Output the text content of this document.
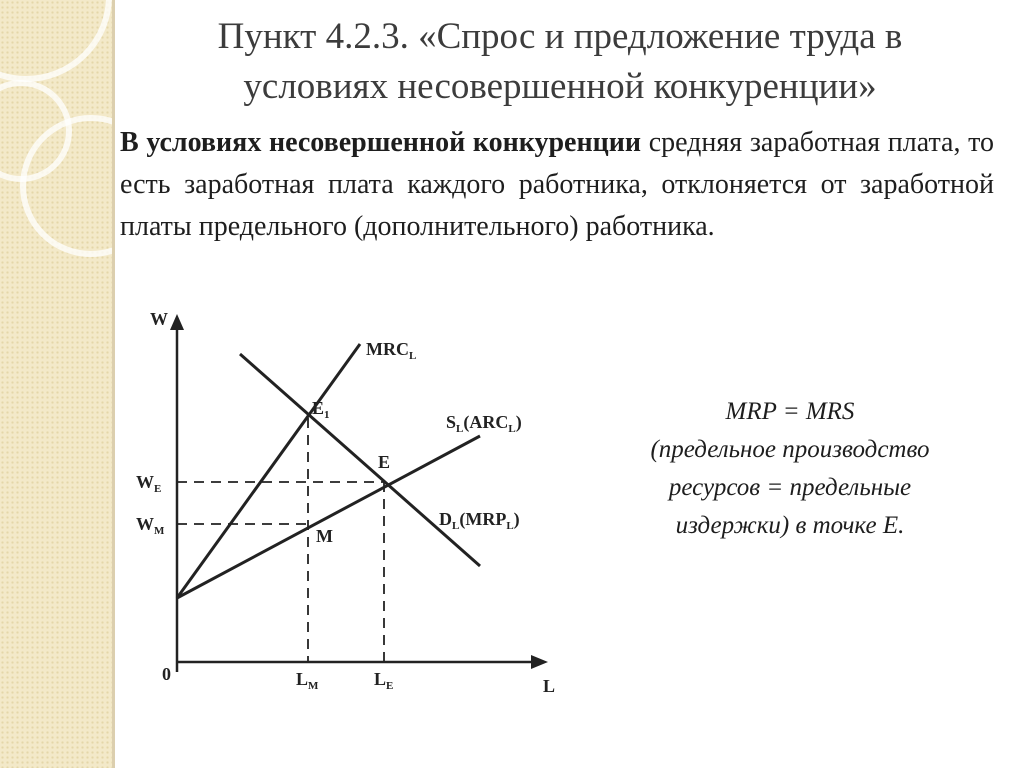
Пункт 4.2.3. «Спрос и предложение труда в
условиях несовершенной конкуренции»
В условиях несовершенной конкуренции средняя заработная плата, то есть заработная плата каждого работника, отклоняется от заработной платы предельного (дополнительного) работника.
W
L
0
$W_E$
$W_M$
$L_M$	$L_E$
$MRC_L$
$S_L(ARC_L)$
$D_L(MRP_L)$
$E_1$
E
M
MRP = MRS
(предельное производство
ресурсов = предельные
издержки) в точке E.
